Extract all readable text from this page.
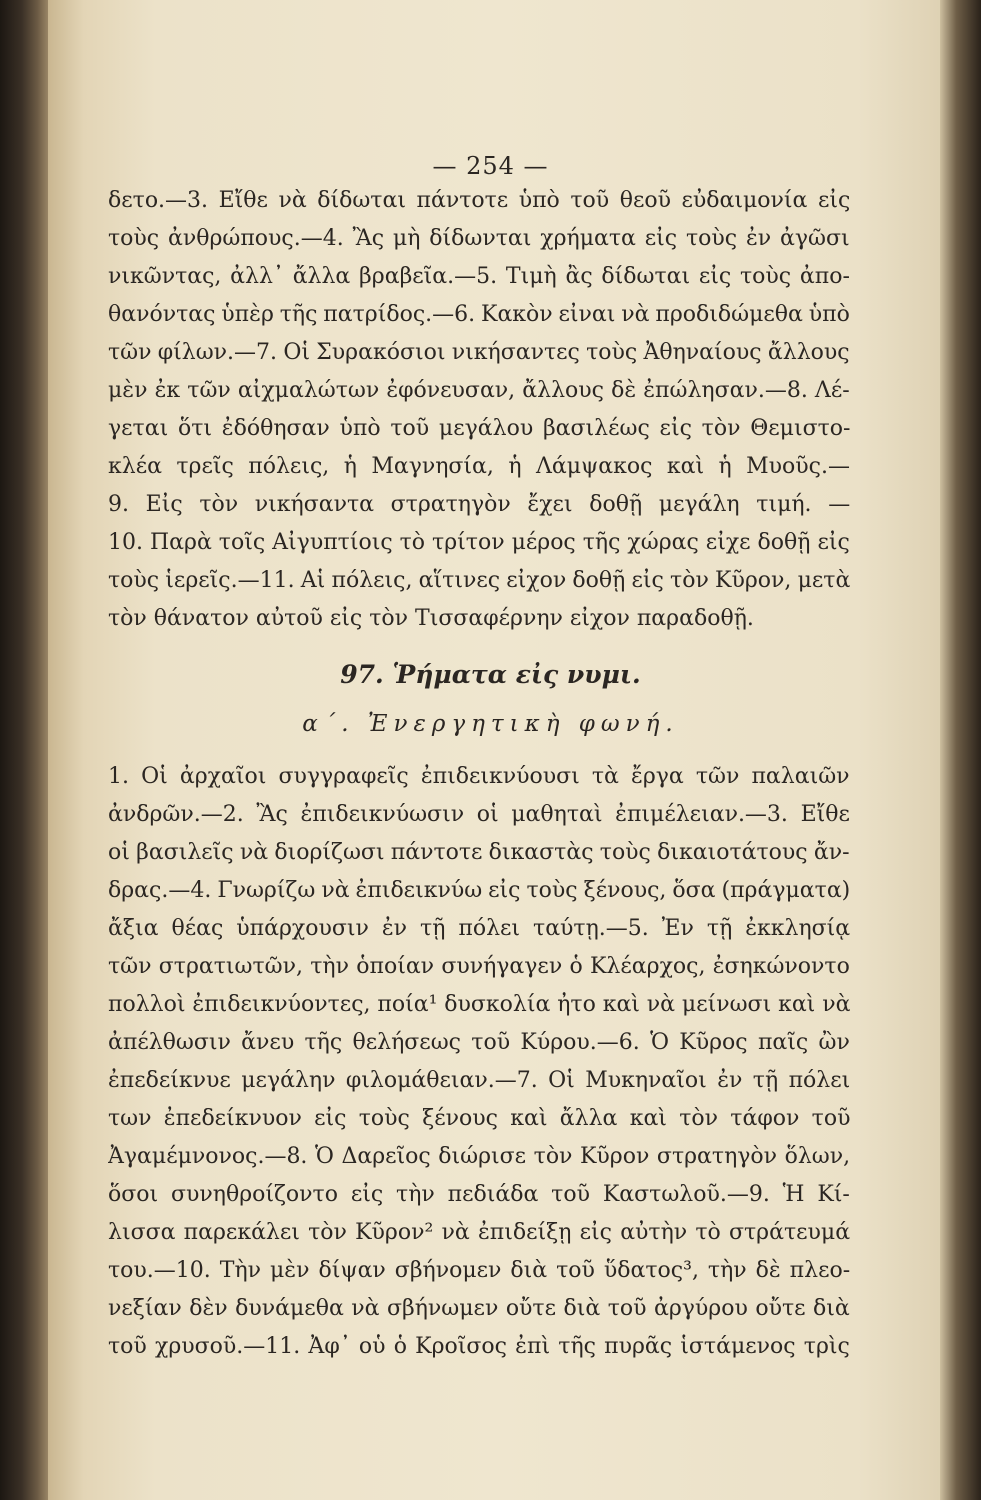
— 254 —
δετο.—3. Εἴθε νὰ δίδωται πάντοτε ὑπὸ τοῦ θεοῦ εὐδαιμονία εἰς
τοὺς ἀνθρώπους.—4. Ἂς μὴ δίδωνται χρήματα εἰς τοὺς ἐν ἀγῶσι
νικῶντας, ἀλλ᾽ ἄλλα βραβεῖα.—5. Τιμὴ ἂς δίδωται εἰς τοὺς ἀπο-
θανόντας ὑπὲρ τῆς πατρίδος.—6. Κακὸν εἶναι νὰ προδιδώμεθα ὑπὸ
τῶν φίλων.—7. Οἱ Συρακόσιοι νικήσαντες τοὺς Ἀθηναίους ἄλλους
μὲν ἐκ τῶν αἰχμαλώτων ἐφόνευσαν, ἄλλους δὲ ἐπώλησαν.—8. Λέ-
γεται ὅτι ἐδόθησαν ὑπὸ τοῦ μεγάλου βασιλέως εἰς τὸν Θεμιστο-
κλέα τρεῖς πόλεις, ἡ Μαγνησία, ἡ Λάμψακος καὶ ἡ Μυοῦς.—
9. Εἰς τὸν νικήσαντα στρατηγὸν ἔχει δοθῇ μεγάλη τιμή. —
10. Παρὰ τοῖς Αἰγυπτίοις τὸ τρίτον μέρος τῆς χώρας εἶχε δοθῇ εἰς
τοὺς ἱερεῖς.—11. Αἱ πόλεις, αἵτινες εἶχον δοθῇ εἰς τὸν Κῦρον, μετὰ
τὸν θάνατον αὐτοῦ εἰς τὸν Τισσαφέρνην εἶχον παραδοθῇ.
97. Ῥήματα εἰς νυμι.
α΄. Ἐνεργητικὴ φωνή.
1. Οἱ ἀρχαῖοι συγγραφεῖς ἐπιδεικνύουσι τὰ ἔργα τῶν παλαιῶν
ἀνδρῶν.—2. Ἂς ἐπιδεικνύωσιν οἱ μαθηταὶ ἐπιμέλειαν.—3. Εἴθε
οἱ βασιλεῖς νὰ διορίζωσι πάντοτε δικαστὰς τοὺς δικαιοτάτους ἄν-
δρας.—4. Γνωρίζω νὰ ἐπιδεικνύω εἰς τοὺς ξένους, ὅσα (πράγματα)
ἄξια θέας ὑπάρχουσιν ἐν τῇ πόλει ταύτῃ.—5. Ἐν τῇ ἐκκλησίᾳ
τῶν στρατιωτῶν, τὴν ὁποίαν συνήγαγεν ὁ Κλέαρχος, ἐσηκώνοντο
πολλοὶ ἐπιδεικνύοντες, ποία¹ δυσκολία ἦτο καὶ νὰ μείνωσι καὶ νὰ
ἀπέλθωσιν ἄνευ τῆς θελήσεως τοῦ Κύρου.—6. Ὁ Κῦρος παῖς ὢν
ἐπεδείκνυε μεγάλην φιλομάθειαν.—7. Οἱ Μυκηναῖοι ἐν τῇ πόλει
των ἐπεδείκνυον εἰς τοὺς ξένους καὶ ἄλλα καὶ τὸν τάφον τοῦ
Ἀγαμέμνονος.—8. Ὁ Δαρεῖος διώρισε τὸν Κῦρον στρατηγὸν ὅλων,
ὅσοι συνηθροίζοντο εἰς τὴν πεδιάδα τοῦ Καστωλοῦ.—9. Ἡ Κί-
λισσα παρεκάλει τὸν Κῦρον² νὰ ἐπιδείξῃ εἰς αὐτὴν τὸ στράτευμά
του.—10. Τὴν μὲν δίψαν σβήνομεν διὰ τοῦ ὕδατος³, τὴν δὲ πλεο-
νεξίαν δὲν δυνάμεθα νὰ σβήνωμεν οὔτε διὰ τοῦ ἀργύρου οὔτε διὰ
τοῦ χρυσοῦ.—11. Ἀφ᾽ οὗ ὁ Κροῖσος ἐπὶ τῆς πυρᾶς ἱστάμενος τρὶς
